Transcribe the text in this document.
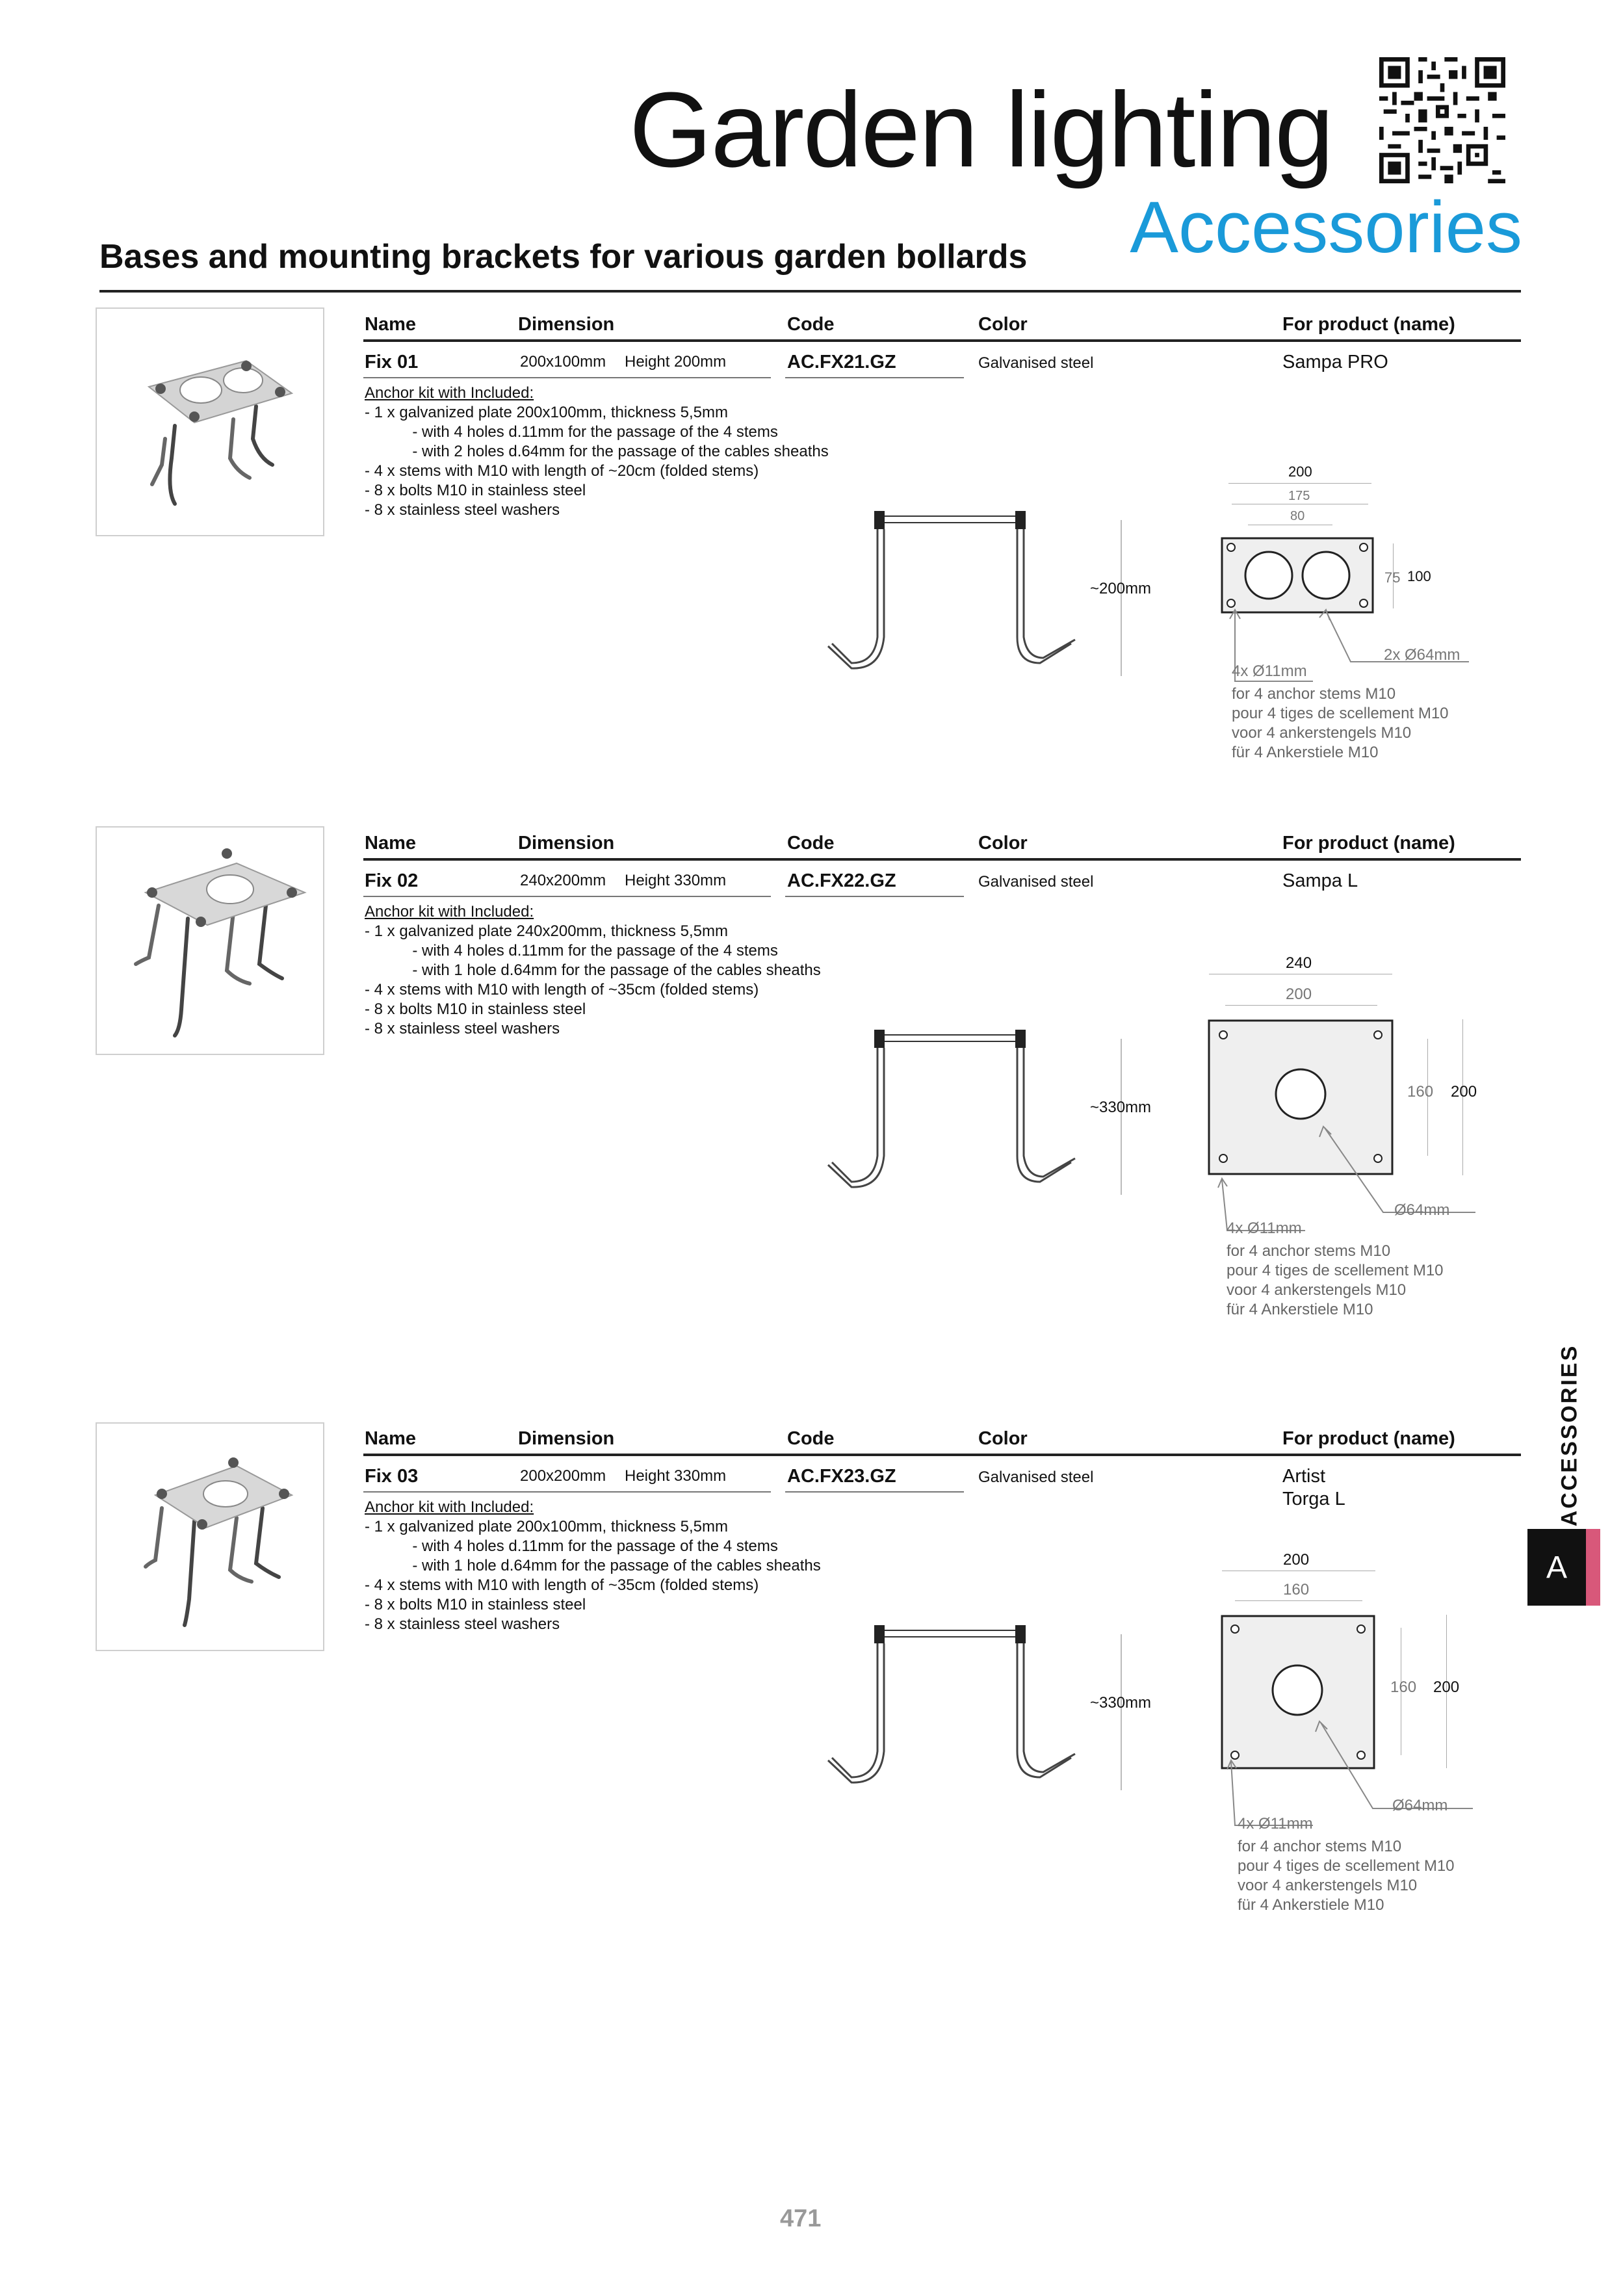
Garden lighting
Accessories
Bases and mounting brackets for various garden bollards
Name	Dimension	Code	Color	For product (name)
Fix 01	200x100mm Height 200mm	AC.FX21.GZ	Galvanised steel	Sampa PRO
Anchor kit with Included:
- 1 x galvanized plate 200x100mm, thickness 5,5mm
- with 4 holes d.11mm for the passage of the 4 stems
- with 2 holes d.64mm for the passage of the cables sheaths
- 4 x stems with M10 with length of ~20cm (folded stems)
- 8 x bolts M10 in stainless steel
- 8 x stainless steel washers
~200mm
200
175
80
75 100
2x Ø64mm
4x Ø11mm
for 4 anchor stems M10
pour 4 tiges de scellement M10
voor 4 ankerstengels M10
für 4 Ankerstiele M10
Name	Dimension	Code	Color	For product (name)
Fix 02	240x200mm Height 330mm	AC.FX22.GZ	Galvanised steel	Sampa L
Anchor kit with Included:
- 1 x galvanized plate 240x200mm, thickness 5,5mm
- with 4 holes d.11mm for the passage of the 4 stems
- with 1 hole d.64mm for the passage of the cables sheaths
- 4 x stems with M10 with length of ~35cm (folded stems)
- 8 x bolts M10 in stainless steel
- 8 x stainless steel washers
~330mm
240
200
160 200
Ø64mm
4x Ø11mm
for 4 anchor stems M10
pour 4 tiges de scellement M10
voor 4 ankerstengels M10
für 4 Ankerstiele M10
Name	Dimension	Code	Color	For product (name)
Fix 03	200x200mm Height 330mm	AC.FX23.GZ	Galvanised steel	Artist
Torga L
Anchor kit with Included:
- 1 x galvanized plate 200x100mm, thickness 5,5mm
- with 4 holes d.11mm for the passage of the 4 stems
- with 1 hole d.64mm for the passage of the cables sheaths
- 4 x stems with M10 with length of ~35cm (folded stems)
- 8 x bolts M10 in stainless steel
- 8 x stainless steel washers
~330mm
200
160
160 200
Ø64mm
4x Ø11mm
for 4 anchor stems M10
pour 4 tiges de scellement M10
voor 4 ankerstengels M10
für 4 Ankerstiele M10
ACCESSORIES
A
471
